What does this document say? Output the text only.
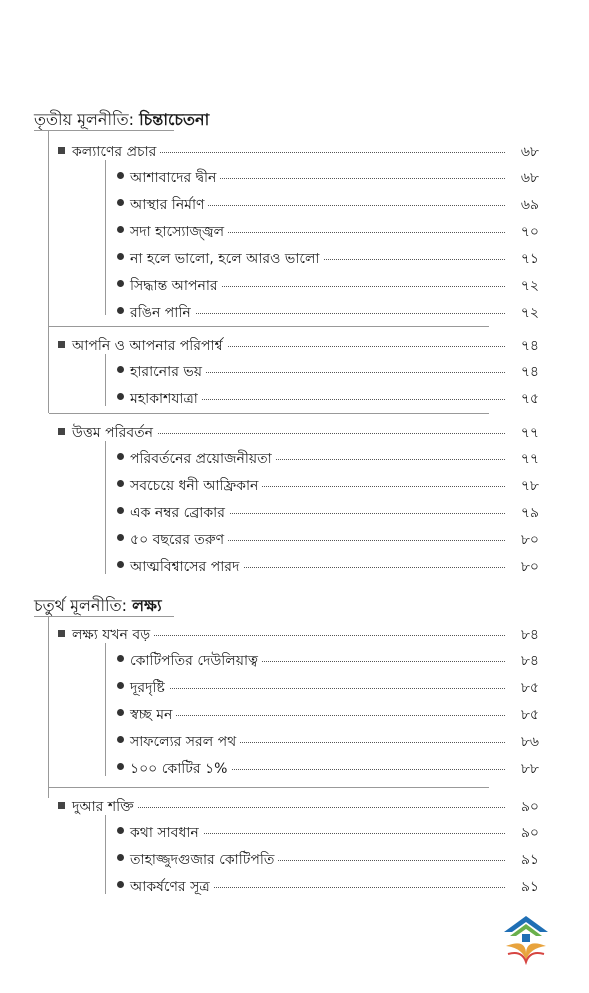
তৃতীয় মূলনীতি: চিন্তাচেতনা
কল্যাণের প্রচার	৬৮
আশাবাদের দ্বীন	৬৮
আস্থার নির্মাণ	৬৯
সদা হাস্যোজ্জ্বল	৭০
না হলে ভালো, হলে আরও ভালো	৭১
সিদ্ধান্ত আপনার	৭২
রঙিন পানি	৭২
আপনি ও আপনার পরিপার্শ্ব	৭৪
হারানোর ভয়	৭৪
মহাকাশযাত্রা	৭৫
উত্তম পরিবর্তন	৭৭
পরিবর্তনের প্রয়োজনীয়তা	৭৭
সবচেয়ে ধনী আফ্রিকান	৭৮
এক নম্বর ব্রোকার	৭৯
৫০ বছরের তরুণ	৮০
আত্মবিশ্বাসের পারদ	৮০
চতুর্থ মূলনীতি: লক্ষ্য
লক্ষ্য যখন বড়	৮৪
কোটিপতির দেউলিয়াত্ব	৮৪
দূরদৃষ্টি	৮৫
স্বচ্ছ মন	৮৫
সাফল্যের সরল পথ	৮৬
১০০ কোটির ১%	৮৮
দুআর শক্তি	৯০
কথা সাবধান	৯০
তাহাজ্জুদগুজার কোটিপতি	৯১
আকর্ষণের সূত্র	৯১
